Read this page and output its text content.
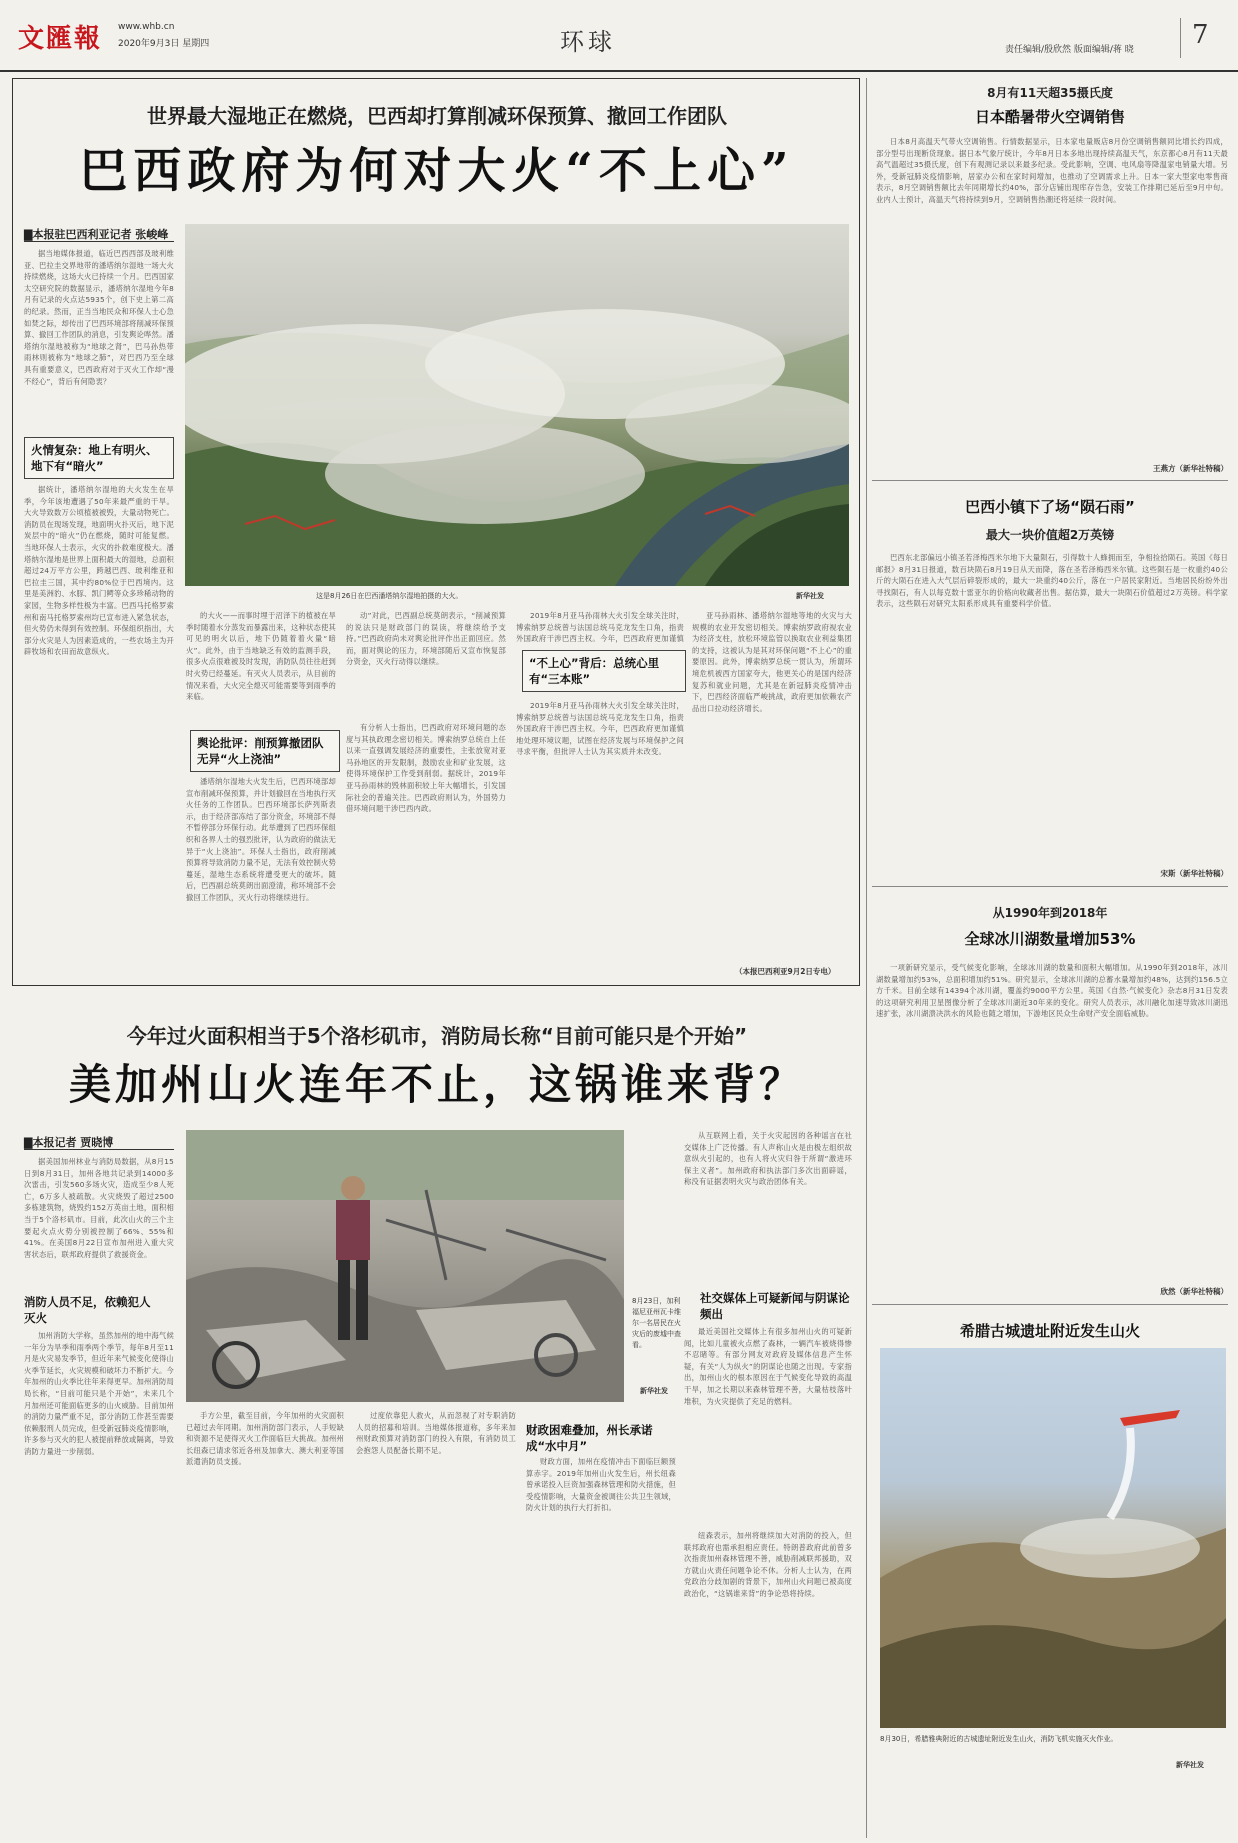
文匯報 www.whb.cn
2020年9月3日 星期四	环球	责任编辑/殷欣然 版面编辑/蒋 晓 7
世界最大湿地正在燃烧，巴西却打算削减环保预算、撤回工作团队
巴西政府为何对大火“不上心”
▇本报驻巴西利亚记者 张峻峰
这是8月26日在巴西潘塔纳尔湿地拍摄的大火。	新华社发

据当地媒体报道，临近巴西西部及玻利维亚、巴拉圭交界地带的潘塔纳尔湿地一场大火持续燃烧，这场大火已持续一个月。巴西国家太空研究院的数据显示，潘塔纳尔湿地今年8月有记录的火点达5935个，创下史上第二高的纪录。然而，正当当地民众和环保人士心急如焚之际，却传出了巴西环境部将削减环保预算、撤回工作团队的消息，引发舆论哗然。潘塔纳尔湿地被称为“地球之肾”，巴马孙热带雨林则被称为“地球之肺”，对巴西乃至全球具有重要意义，巴西政府对于灭火工作却“漫不经心”，背后有何隐衷？

火情复杂：地上有明火、地下有“暗火”

据统计，潘塔纳尔湿地的大火发生在旱季，今年该地遭遇了50年来最严重的干旱。大火导致数万公顷植被被毁，大量动物死亡。消防员在现场发现，地面明火扑灭后，地下泥炭层中的“暗火”仍在燃烧，随时可能复燃。当地环保人士表示，火灾的扑救难度极大。潘塔纳尔湿地是世界上面积最大的湿地，总面积超过24万平方公里，跨越巴西、玻利维亚和巴拉圭三国，其中约80%位于巴西境内。这里是美洲豹、水豚、凯门鳄等众多珍稀动物的家园，生物多样性极为丰富。巴西马托格罗索州和南马托格罗索州均已宣布进入紧急状态，但火势仍未得到有效控制。环保组织指出，大部分火灾是人为因素造成的，一些农场主为开辟牧场和农田而故意纵火。

的大火——而事时埋于沼泽下的植被在旱季时随着水分蒸发而暴露出来，这种状态使其可见的明火以后，地下仍随着着火量“暗火”。此外，由于当地缺乏有效的监测手段，很多火点很难被及时发现，消防队员往往赶到时火势已经蔓延。有灭火人员表示，从目前的情况来看，大火完全熄灭可能需要等到雨季的来临。

舆论批评：削预算撤团队无异“火上浇油”

潘塔纳尔湿地大火发生后，巴西环境部却宣布削减环保预算，并计划撤回在当地执行灭火任务的工作团队。巴西环境部长萨列斯表示，由于经济部冻结了部分资金，环境部不得不暂停部分环保行动。此举遭到了巴西环保组织和各界人士的强烈批评，认为政府的做法无异于“火上浇油”。环保人士指出，政府削减预算将导致消防力量不足，无法有效控制火势蔓延，湿地生态系统将遭受更大的破坏。随后，巴西副总统莫朗出面澄清，称环境部不会撤回工作团队，灭火行动将继续进行。

动”对此，巴西副总统莫朗表示，“削减预算的说法只是财政部门的误读，将继续给予支持。”巴西政府尚未对舆论批评作出正面回应。然而，面对舆论的压力，环境部随后又宣布恢复部分资金，灭火行动得以继续。

有分析人士指出，巴西政府对环境问题的态度与其执政理念密切相关。博索纳罗总统自上任以来一直强调发展经济的重要性，主张放宽对亚马孙地区的开发限制，鼓励农业和矿业发展，这使得环境保护工作受到削弱。据统计，2019年亚马孙雨林的毁林面积较上年大幅增长，引发国际社会的普遍关注。巴西政府则认为，外国势力借环境问题干涉巴西内政。

“不上心”背后：总统心里有“三本账”

2019年8月亚马孙雨林大火引发全球关注时，博索纳罗总统曾与法国总统马克龙发生口角，指责外国政府干涉巴西主权。今年，巴西政府更加谨慎

2019年8月亚马孙雨林大火引发全球关注时，博索纳罗总统曾与法国总统马克龙发生口角，指责外国政府干涉巴西主权。今年，巴西政府更加谨慎地处理环境议题，试图在经济发展与环境保护之间寻求平衡，但批评人士认为其实质并未改变。

亚马孙雨林、潘塔纳尔湿地等地的火灾与大规模的农业开发密切相关。博索纳罗政府视农业为经济支柱，放松环境监管以换取农业利益集团的支持，这被认为是其对环保问题“不上心”的重要原因。此外，博索纳罗总统一贯认为，所谓环境危机被西方国家夸大，他更关心的是国内经济复苏和就业问题，尤其是在新冠肺炎疫情冲击下，巴西经济面临严峻挑战，政府更加依赖农产品出口拉动经济增长。

（本报巴西利亚9月2日专电）
今年过火面积相当于5个洛杉矶市，消防局长称“目前可能只是个开始”
美加州山火连年不止，这锅谁来背？
▇本报记者 贾晓博

据美国加州林业与消防局数据，从8月15日到8月31日，加州各地共记录到14000多次雷击，引发560多场火灾，造成至少8人死亡，6万多人被疏散。火灾烧毁了超过2500多栋建筑物，烧毁约152万英亩土地，面积相当于5个洛杉矶市。目前，此次山火的三个主要起火点火势分别被控制了66%、55%和41%。在美国8月22日宣布加州进入重大灾害状态后，联邦政府提供了救援资金。

消防人员不足，依赖犯人灭火

加州消防大学称，虽然加州的地中海气候一年分为旱季和雨季两个季节，每年8月至11月是火灾易发季节，但近年来气候变化使得山火季节延长，火灾规模和破坏力不断扩大。今年加州的山火季比往年来得更早。加州消防局局长称，“目前可能只是个开始”，未来几个月加州还可能面临更多的山火威胁。目前加州的消防力量严重不足，部分消防工作甚至需要依赖服刑人员完成，但受新冠肺炎疫情影响，许多参与灭火的犯人被提前释放或隔离，导致消防力量进一步削弱。

8月23日，加利福尼亚州瓦卡维尔一名居民在火灾后的废墟中查看。
新华社发

手方公里，截至目前，今年加州的火灾面积已超过去年同期。加州消防部门表示，人手短缺和资源不足使得灭火工作面临巨大挑战。加州州长纽森已请求邻近各州及加拿大、澳大利亚等国派遣消防员支援。

过度依靠犯人救火，从而忽视了对专职消防人员的招募和培训。当地媒体报道称，多年来加州财政预算对消防部门的投入有限，有消防员工会抱怨人员配备长期不足。

财政困难叠加，州长承诺成“水中月”

财政方面，加州在疫情冲击下面临巨额预算赤字。2019年加州山火发生后，州长纽森曾承诺投入巨资加强森林管理和防火措施，但受疫情影响，大量资金被调往公共卫生领域，防火计划的执行大打折扣。

从互联网上看，关于火灾起因的各种谣言在社交媒体上广泛传播。有人声称山火是由极左组织故意纵火引起的，也有人将火灾归咎于所谓“激进环保主义者”。加州政府和执法部门多次出面辟谣，称没有证据表明火灾与政治团体有关。

社交媒体上可疑新闻与阴谋论频出

最近美国社交媒体上有很多加州山火的可疑新闻，比如儿童被火点燃了森林，一辆汽车被烧得惨不忍睹等。有部分网友对政府及媒体信息产生怀疑，有关“人为纵火”的阴谋论也随之出现。专家指出，加州山火的根本原因在于气候变化导致的高温干旱，加之长期以来森林管理不善，大量枯枝落叶堆积，为火灾提供了充足的燃料。

纽森表示，加州将继续加大对消防的投入，但联邦政府也需承担相应责任。特朗普政府此前曾多次指责加州森林管理不善，威胁削减联邦援助，双方就山火责任问题争论不休。分析人士认为，在两党政治分歧加剧的背景下，加州山火问题已被高度政治化，“这锅谁来背”的争论恐将持续。

8月有11天超35摄氏度
日本酷暑带火空调销售

日本8月高温天气带火空调销售。行情数据显示，日本家电量贩店8月份空调销售额同比增长约四成，部分型号出现断货现象。据日本气象厅统计，今年8月日本多地出现持续高温天气，东京都心8月有11天最高气温超过35摄氏度，创下有观测记录以来最多纪录。受此影响，空调、电风扇等降温家电销量大增。另外，受新冠肺炎疫情影响，居家办公和在家时间增加，也推动了空调需求上升。日本一家大型家电零售商表示，8月空调销售额比去年同期增长约40%，部分店铺出现库存告急，安装工作排期已延后至9月中旬。业内人士预计，高温天气将持续到9月，空调销售热潮还将延续一段时间。

王燕方（新华社特稿）
巴西小镇下了场“陨石雨”
最大一块价值超2万英镑

巴西东北部偏远小镇圣若泽梅西米尔地下大量陨石，引得数十人蜂拥而至，争相捡拾陨石。英国《每日邮报》8月31日报道，数百块陨石8月19日从天而降，落在圣若泽梅西米尔镇。这些陨石是一枚重约40公斤的大陨石在进入大气层后碎裂形成的，最大一块重约40公斤，落在一户居民家附近。当地居民纷纷外出寻找陨石，有人以每克数十雷亚尔的价格向收藏者出售。据估算，最大一块陨石价值超过2万英镑。科学家表示，这些陨石对研究太阳系形成具有重要科学价值。

宋斯（新华社特稿）
从1990年到2018年
全球冰川湖数量增加53%

一项新研究显示，受气候变化影响，全球冰川湖的数量和面积大幅增加。从1990年到2018年，冰川湖数量增加约53%，总面积增加约51%。研究显示，全球冰川湖的总蓄水量增加约48%，达到约156.5立方千米。目前全球有14394个冰川湖，覆盖约9000平方公里。英国《自然·气候变化》杂志8月31日发表的这项研究利用卫星图像分析了全球冰川湖近30年来的变化。研究人员表示，冰川融化加速导致冰川湖迅速扩张，冰川湖溃决洪水的风险也随之增加，下游地区民众生命财产安全面临威胁。

欣然（新华社特稿）
希腊古城遗址附近发生山火
8月30日，希腊雅典附近的古城遗址附近发生山火，消防飞机实施灭火作业。
新华社发
